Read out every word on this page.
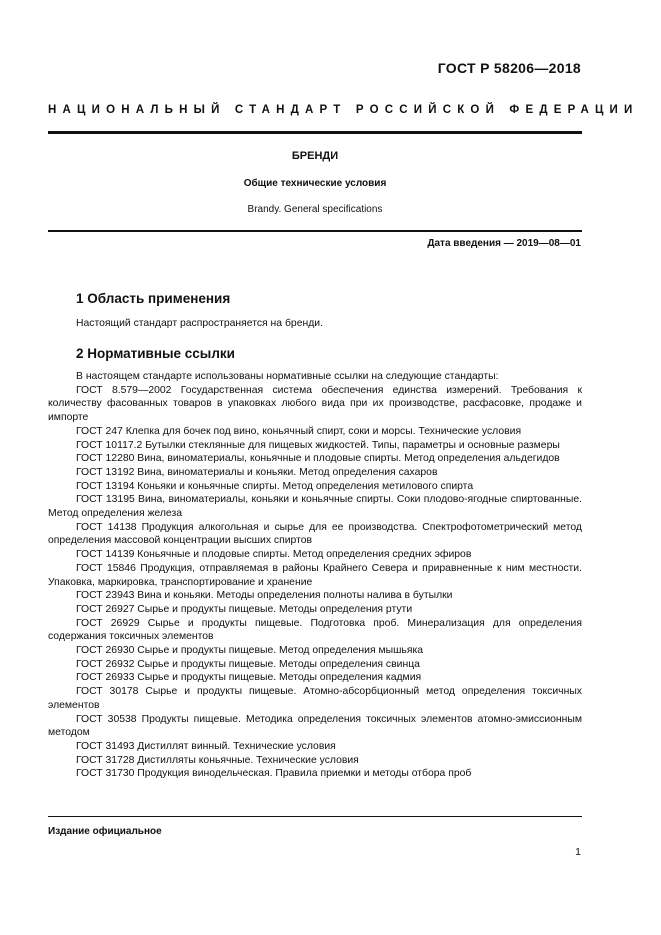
ГОСТ Р 58206—2018
НАЦИОНАЛЬНЫЙ СТАНДАРТ РОССИЙСКОЙ ФЕДЕРАЦИИ
БРЕНДИ
Общие технические условия
Brandy. General specifications
Дата введения — 2019—08—01
1 Область применения

Настоящий стандарт распространяется на бренди.

2 Нормативные ссылки

В настоящем стандарте использованы нормативные ссылки на следующие стандарты:

ГОСТ 8.579—2002 Государственная система обеспечения единства измерений. Требования к количеству фасованных товаров в упаковках любого вида при их производстве, расфасовке, продаже и импорте

ГОСТ 247 Клепка для бочек под вино, коньячный спирт, соки и морсы. Технические условия

ГОСТ 10117.2 Бутылки стеклянные для пищевых жидкостей. Типы, параметры и основные размеры

ГОСТ 12280 Вина, виноматериалы, коньячные и плодовые спирты. Метод определения альдегидов

ГОСТ 13192 Вина, виноматериалы и коньяки. Метод определения сахаров

ГОСТ 13194 Коньяки и коньячные спирты. Метод определения метилового спирта

ГОСТ 13195 Вина, виноматериалы, коньяки и коньячные спирты. Соки плодово-ягодные спиртованные. Метод определения железа

ГОСТ 14138 Продукция алкогольная и сырье для ее производства. Спектрофотометрический метод определения массовой концентрации высших спиртов

ГОСТ 14139 Коньячные и плодовые спирты. Метод определения средних эфиров

ГОСТ 15846 Продукция, отправляемая в районы Крайнего Севера и приравненные к ним местности. Упаковка, маркировка, транспортирование и хранение

ГОСТ 23943 Вина и коньяки. Методы определения полноты налива в бутылки

ГОСТ 26927 Сырье и продукты пищевые. Методы определения ртути

ГОСТ 26929 Сырье и продукты пищевые. Подготовка проб. Минерализация для определения содержания токсичных элементов

ГОСТ 26930 Сырье и продукты пищевые. Метод определения мышьяка

ГОСТ 26932 Сырье и продукты пищевые. Методы определения свинца

ГОСТ 26933 Сырье и продукты пищевые. Методы определения кадмия

ГОСТ 30178 Сырье и продукты пищевые. Атомно-абсорбционный метод определения токсичных элементов

ГОСТ 30538 Продукты пищевые. Методика определения токсичных элементов атомно-эмиссионным методом

ГОСТ 31493 Дистиллят винный. Технические условия

ГОСТ 31728 Дистилляты коньячные. Технические условия

ГОСТ 31730 Продукция винодельческая. Правила приемки и методы отбора проб

Издание официальное
1
